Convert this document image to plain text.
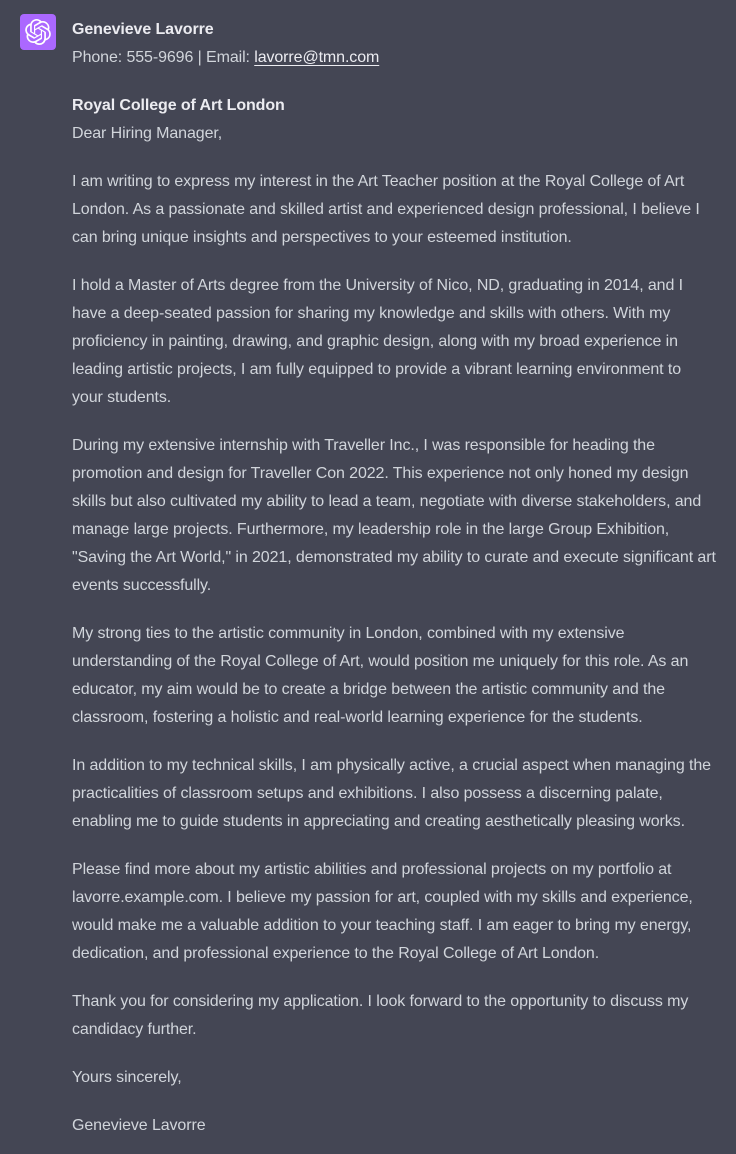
Genevieve Lavorre
Phone: 555-9696 | Email: lavorre@tmn.com
Royal College of Art London
Dear Hiring Manager,

I am writing to express my interest in the Art Teacher position at the Royal College of Art London. As a passionate and skilled artist and experienced design professional, I believe I can bring unique insights and perspectives to your esteemed institution.

I hold a Master of Arts degree from the University of Nico, ND, graduating in 2014, and I have a deep-seated passion for sharing my knowledge and skills with others. With my proficiency in painting, drawing, and graphic design, along with my broad experience in leading artistic projects, I am fully equipped to provide a vibrant learning environment to your students.

During my extensive internship with Traveller Inc., I was responsible for heading the promotion and design for Traveller Con 2022. This experience not only honed my design skills but also cultivated my ability to lead a team, negotiate with diverse stakeholders, and manage large projects. Furthermore, my leadership role in the large Group Exhibition, "Saving the Art World," in 2021, demonstrated my ability to curate and execute significant art events successfully.

My strong ties to the artistic community in London, combined with my extensive understanding of the Royal College of Art, would position me uniquely for this role. As an educator, my aim would be to create a bridge between the artistic community and the classroom, fostering a holistic and real-world learning experience for the students.

In addition to my technical skills, I am physically active, a crucial aspect when managing the practicalities of classroom setups and exhibitions. I also possess a discerning palate, enabling me to guide students in appreciating and creating aesthetically pleasing works.

Please find more about my artistic abilities and professional projects on my portfolio at lavorre.example.com. I believe my passion for art, coupled with my skills and experience, would make me a valuable addition to your teaching staff. I am eager to bring my energy, dedication, and professional experience to the Royal College of Art London.

Thank you for considering my application. I look forward to the opportunity to discuss my candidacy further.

Yours sincerely,

Genevieve Lavorre
